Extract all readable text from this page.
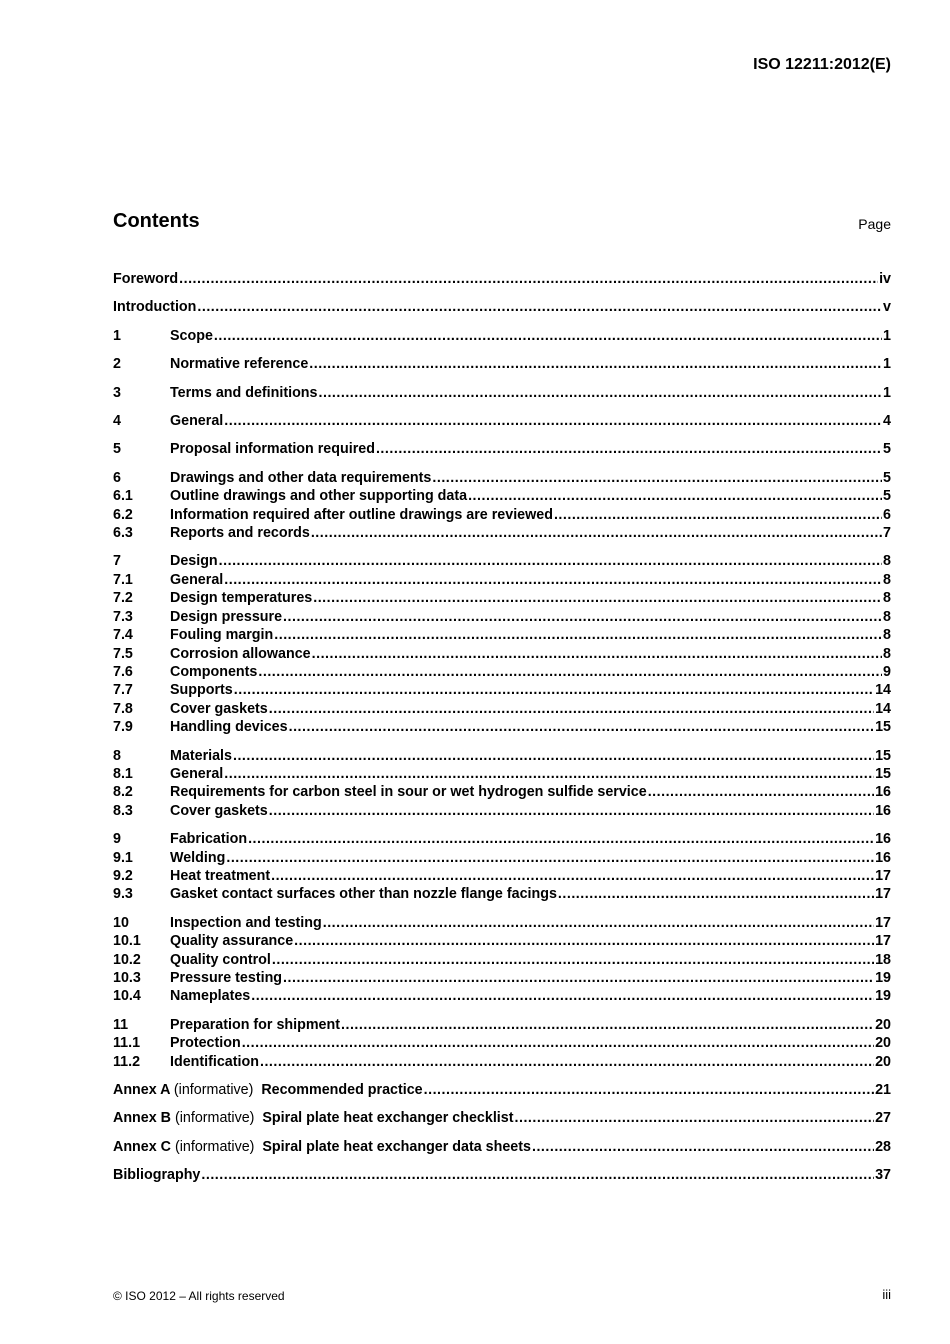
ISO 12211:2012(E)
Contents	Page
Foreword .....	iv
Introduction .....	v
1	Scope .....	1
2	Normative reference .....	1
3	Terms and definitions .....	1
4	General .....	4
5	Proposal information required .....	5
6	Drawings and other data requirements .....	5
6.1	Outline drawings and other supporting data .....	5
6.2	Information required after outline drawings are reviewed .....	6
6.3	Reports and records .....	7
7	Design .....	8
7.1	General .....	8
7.2	Design temperatures .....	8
7.3	Design pressure .....	8
7.4	Fouling margin .....	8
7.5	Corrosion allowance .....	8
7.6	Components .....	9
7.7	Supports .....	14
7.8	Cover gaskets .....	14
7.9	Handling devices .....	15
8	Materials .....	15
8.1	General .....	15
8.2	Requirements for carbon steel in sour or wet hydrogen sulfide service .....	16
8.3	Cover gaskets .....	16
9	Fabrication .....	16
9.1	Welding .....	16
9.2	Heat treatment .....	17
9.3	Gasket contact surfaces other than nozzle flange facings .....	17
10	Inspection and testing .....	17
10.1	Quality assurance .....	17
10.2	Quality control .....	18
10.3	Pressure testing .....	19
10.4	Nameplates .....	19
11	Preparation for shipment .....	20
11.1	Protection .....	20
11.2	Identification .....	20
Annex A (informative) Recommended practice .....	21
Annex B (informative) Spiral plate heat exchanger checklist .....	27
Annex C (informative) Spiral plate heat exchanger data sheets .....	28
Bibliography .....	37
© ISO 2012 – All rights reserved	iii
